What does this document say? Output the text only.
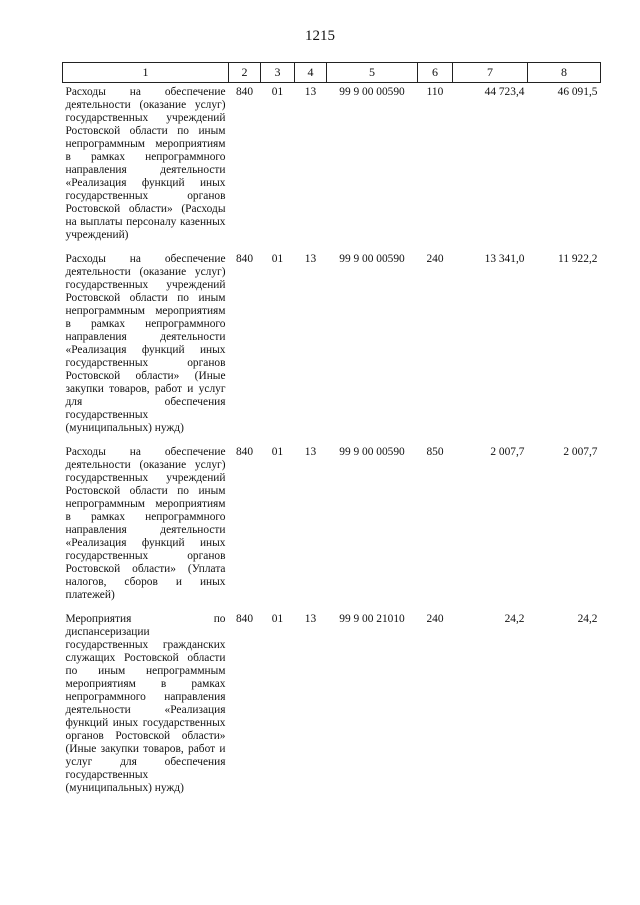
1215
1	2	3	4	5	6	7	8
Расходы на обеспечение деятельности (оказание услуг) государственных учреждений Ростовской области по иным непрограммным мероприятиям в рамках непрограммного направления деятельности «Реализация функций иных государственных органов Ростовской области» (Расходы на выплаты персоналу казенных учреждений)	840	01	13	99 9 00 00590	110	44 723,4	46 091,5
Расходы на обеспечение деятельности (оказание услуг) государственных учреждений Ростовской области по иным непрограммным мероприятиям в рамках непрограммного направления деятельности «Реализация функций иных государственных органов Ростовской области» (Иные закупки товаров, работ и услуг для обеспечения государственных (муниципальных) нужд)	840	01	13	99 9 00 00590	240	13 341,0	11 922,2
Расходы на обеспечение деятельности (оказание услуг) государственных учреждений Ростовской области по иным непрограммным мероприятиям в рамках непрограммного направления деятельности «Реализация функций иных государственных органов Ростовской области» (Уплата налогов, сборов и иных платежей)	840	01	13	99 9 00 00590	850	2 007,7	2 007,7
Мероприятия по диспансеризации государственных гражданских служащих Ростовской области по иным непрограммным мероприятиям в рамках непрограммного направления деятельности «Реализация функций иных государственных органов Ростовской области» (Иные закупки товаров, работ и услуг для обеспечения государственных (муниципальных) нужд)	840	01	13	99 9 00 21010	240	24,2	24,2
